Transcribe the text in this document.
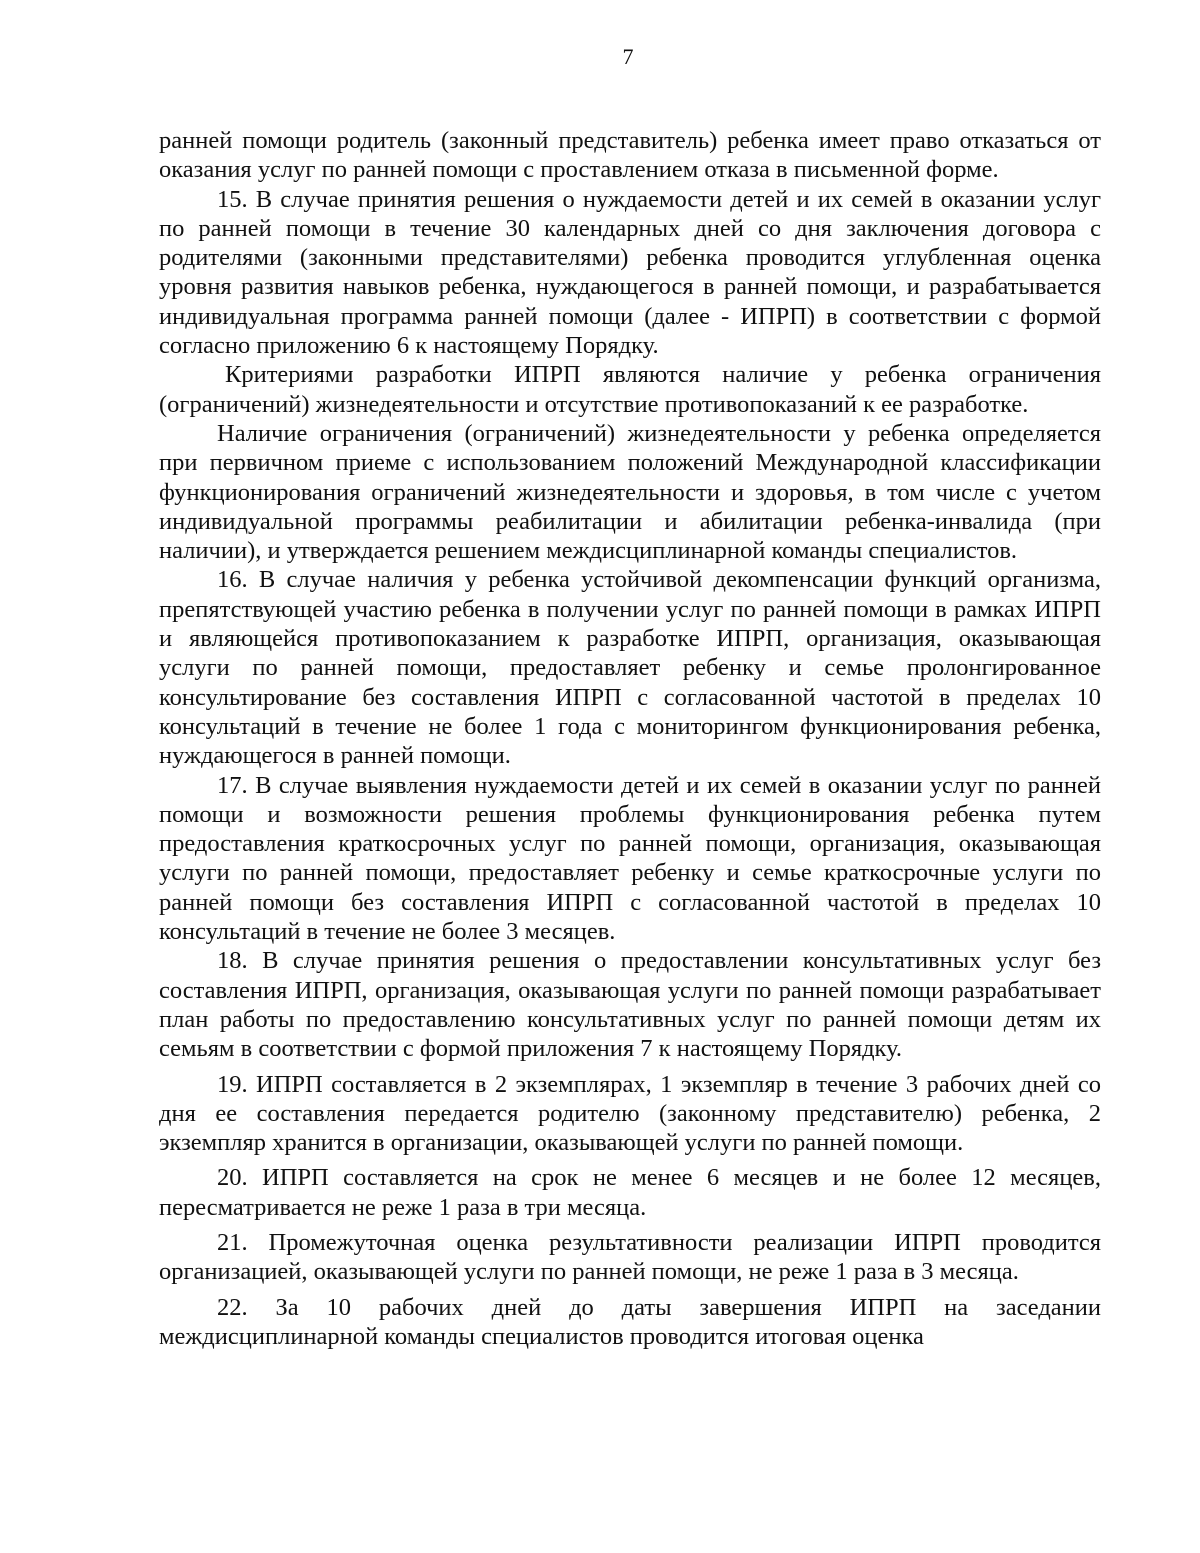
7

ранней помощи родитель (законный представитель) ребенка имеет право отказаться от оказания услуг по ранней помощи с проставлением отказа в письменной форме.

15. В случае принятия решения о нуждаемости детей и их семей в оказании услуг по ранней помощи в течение 30 календарных дней со дня заключения договора с родителями (законными представителями) ребенка проводится углубленная оценка уровня развития навыков ребенка, нуждающегося в ранней помощи, и разрабатывается индивидуальная программа ранней помощи (далее - ИПРП) в соответствии с формой согласно приложению 6 к настоящему Порядку.

Критериями разработки ИПРП являются наличие у ребенка ограничения (ограничений) жизнедеятельности и отсутствие противопоказаний к ее разработке.

Наличие ограничения (ограничений) жизнедеятельности у ребенка определяется при первичном приеме с использованием положений Международной классификации функционирования ограничений жизнедеятельности и здоровья, в том числе с учетом индивидуальной программы реабилитации и абилитации ребенка-инвалида (при наличии), и утверждается решением междисциплинарной команды специалистов.

16. В случае наличия у ребенка устойчивой декомпенсации функций организма, препятствующей участию ребенка в получении услуг по ранней помощи в рамках ИПРП и являющейся противопоказанием к разработке ИПРП, организация, оказывающая услуги по ранней помощи, предоставляет ребенку и семье пролонгированное консультирование без составления ИПРП с согласованной частотой в пределах 10 консультаций в течение не более 1 года с мониторингом функционирования ребенка, нуждающегося в ранней помощи.

17. В случае выявления нуждаемости детей и их семей в оказании услуг по ранней помощи и возможности решения проблемы функционирования ребенка путем предоставления краткосрочных услуг по ранней помощи, организация, оказывающая услуги по ранней помощи, предоставляет ребенку и семье краткосрочные услуги по ранней помощи без составления ИПРП с согласованной частотой в пределах 10 консультаций в течение не более 3 месяцев.

18. В случае принятия решения о предоставлении консультативных услуг без составления ИПРП, организация, оказывающая услуги по ранней помощи разрабатывает план работы по предоставлению консультативных услуг по ранней помощи детям их семьям в соответствии с формой приложения 7 к настоящему Порядку.

19. ИПРП составляется в 2 экземплярах, 1 экземпляр в течение 3 рабочих дней со дня ее составления передается родителю (законному представителю) ребенка, 2 экземпляр хранится в организации, оказывающей услуги по ранней помощи.

20. ИПРП составляется на срок не менее 6 месяцев и не более 12 месяцев, пересматривается не реже 1 раза в три месяца.

21. Промежуточная оценка результативности реализации ИПРП проводится организацией, оказывающей услуги по ранней помощи, не реже 1 раза в 3 месяца.

22. За 10 рабочих дней до даты завершения ИПРП на заседании междисциплинарной команды специалистов проводится итоговая оценка
